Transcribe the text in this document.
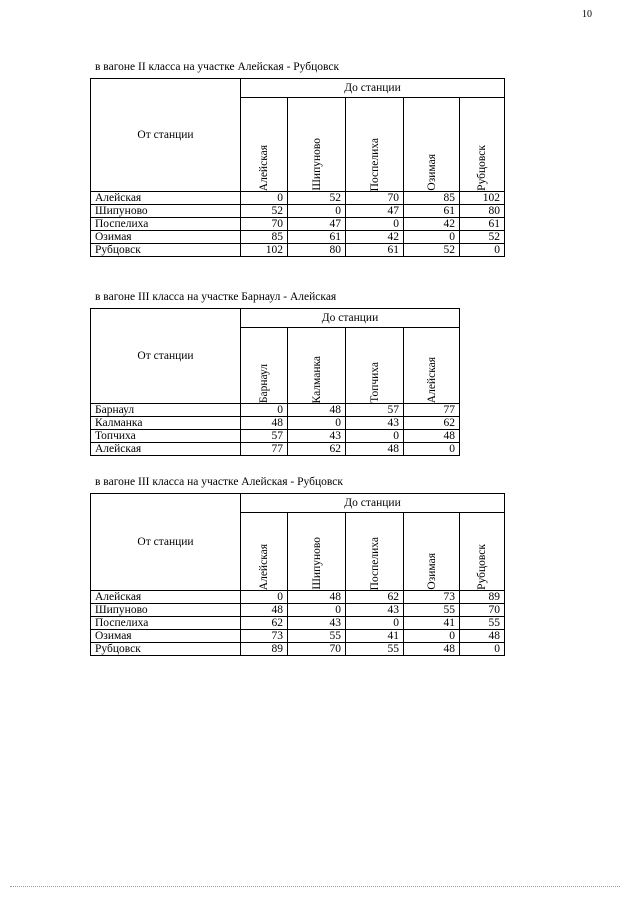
10
в вагоне II класса на участке Алейская - Рубцовск
От станции	До станции				

	Алейская	Шипуново	Поспелиха	Озимая	Рубцовск

Алейская	0	52	70	85	102
Шипуново	52	0	47	61	80
Поспелиха	70	47	0	42	61
Озимая	85	61	42	0	52
Рубцовск	102	80	61	52	0
в вагоне III класса на участке Барнаул - Алейская
От станции	До станции			

	Барнаул	Калманка	Топчиха	Алейская

Барнаул	0	48	57	77
Калманка	48	0	43	62
Топчиха	57	43	0	48
Алейская	77	62	48	0
в вагоне III класса на участке Алейская - Рубцовск
От станции	До станции				

	Алейская	Шипуново	Поспелиха	Озимая	Рубцовск

Алейская	0	48	62	73	89
Шипуново	48	0	43	55	70
Поспелиха	62	43	0	41	55
Озимая	73	55	41	0	48
Рубцовск	89	70	55	48	0
